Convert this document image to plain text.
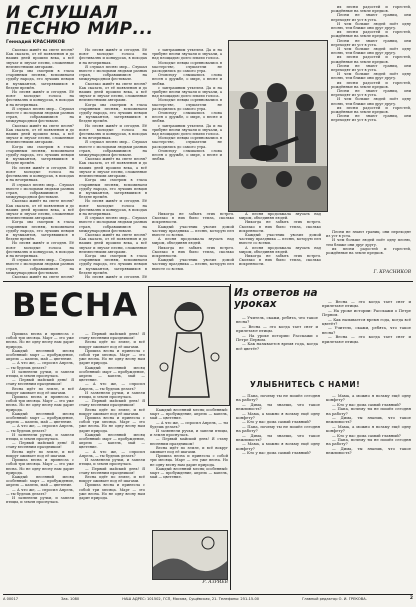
И СЛУШАЛ
ПЕСНЮ МИР...
Геннадий КРАСНИКОВ

Сколько живёт на свете песня? Как сказать, от её появления и до наших дней прошли века, а всё звучат и звучат песни, сложенные неизвестными авторами.

Когда мы смотрим в глаза старинным песням, вспоминаем судьбу народа, его лучших певцов и музыкантов, затерявшихся в бездне времён.

Но песня живёт и сегодня. Её поют молодые голоса на фестивалях и конкурсах, в походах и на вечеринках.

Я слушал песню мир... Слушал вместе с молодыми людьми разных стран, собравшимися на международном фестивале.

Сколько живёт на свете песня? Как сказать, от её появления и до наших дней прошли века, а всё звучат и звучат песни, сложенные неизвестными авторами.

Когда мы смотрим в глаза старинным песням, вспоминаем судьбу народа, его лучших певцов и музыкантов, затерявшихся в бездне времён.

Но песня живёт и сегодня. Её поют молодые голоса на фестивалях и конкурсах, в походах и на вечеринках.

Я слушал песню мир... Слушал вместе с молодыми людьми разных стран, собравшимися на международном фестивале.

Сколько живёт на свете песня? Как сказать, от её появления и до наших дней прошли века, а всё звучат и звучат песни, сложенные неизвестными авторами.

Когда мы смотрим в глаза старинным песням, вспоминаем судьбу народа, его лучших певцов и музыкантов, затерявшихся в бездне времён.

Но песня живёт и сегодня. Её поют молодые голоса на фестивалях и конкурсах, в походах и на вечеринках.

Я слушал песню мир... Слушал вместе с молодыми людьми разных стран, собравшимися на международном фестивале.

Сколько живёт на свете песня?

Но песня живёт и сегодня. Её поют молодые голоса на фестивалях и конкурсах, в походах и на вечеринках.

Я слушал песню мир... Слушал вместе с молодыми людьми разных стран, собравшимися на международном фестивале.

Сколько живёт на свете песня? Как сказать, от её появления и до наших дней прошли века, а всё звучат и звучат песни, сложенные неизвестными авторами.

Когда мы смотрим в глаза старинным песням, вспоминаем судьбу народа, его лучших певцов и музыкантов, затерявшихся в бездне времён.

Но песня живёт и сегодня. Её поют молодые голоса на фестивалях и конкурсах, в походах и на вечеринках.

Я слушал песню мир... Слушал вместе с молодыми людьми разных стран, собравшимися на международном фестивале.

Сколько живёт на свете песня? Как сказать, от её появления и до наших дней прошли века, а всё звучат и звучат песни, сложенные неизвестными авторами.

Когда мы смотрим в глаза старинным песням, вспоминаем судьбу народа, его лучших певцов и музыкантов, затерявшихся в бездне времён.

Но песня живёт и сегодня. Её поют молодые голоса на фестивалях и конкурсах, в походах и на вечеринках.

Я слушал песню мир... Слушал вместе с молодыми людьми разных стран, собравшимися на международном фестивале.

Сколько живёт на свете песня? Как сказать, от её появления и до наших дней прошли века, а всё звучат и звучат песни, сложенные неизвестными авторами.

Когда мы смотрим в глаза старинным песням, вспоминаем судьбу народа, его лучших певцов и музыкантов, затерявшихся в бездне времён.

Но песня живёт и сегодня. Её

с завтрашним уткелем. Да и на трибуне песни звучали и звучали, а над площадью долго плыли голоса.

Молодые певцы соревновались в мастерстве, слушатели не расходились до самого утра.

Отовсюду слышались слова песен о дружбе, о мире, о весне и любви.

с завтрашним уткелем. Да и на трибуне песни звучали и звучали, а над площадью долго плыли голоса.

Молодые певцы соревновались в мастерстве, слушатели не расходились до самого утра.

Отовсюду слышались слова песен о дружбе, о мире, о весне и любви.

с завтрашним уткелем. Да и на трибуне песни звучали и звучали, а над площадью долго плыли голоса.

Молодые певцы соревновались в мастерстве, слушатели не расходились до самого утра.

Отовсюду слышались слова песен о дружбе, о мире, о весне и любви.

их песни радостей и горестей, рождённые на земле предков.

Песни не знают границ, они переходят из уст в уста.

И чем больше людей поёт одну песню, тем ближе они друг другу.

их песни радостей и горестей, рождённые на земле предков.

Песни не знают границ, они переходят из уст в уста.

И чем больше людей поёт одну песню, тем ближе они друг другу.

их песни радостей и горестей, рождённые на земле предков.

Песни не знают границ, они переходят из уст в уста.

И чем больше людей поёт одну песню, тем ближе они друг другу.

их песни радостей и горестей, рождённые на земле предков.

Песни не знают границ, они переходят из уст в уста.

И чем больше людей поёт одну песню, тем ближе они друг другу.

их песни радостей и горестей, рождённые на земле предков.

Песни не знают границ, они переходят из уст в уста.

Никогда не забыть этих встреч. Сколько в них было тепла, сколько искренности.

Каждый участник увозил домой частицу праздника — песню, которую пел вместе со всеми.

А песня продолжала звучать над миром, объединяя людей.

Никогда не забыть этих встреч. Сколько в них было тепла, сколько искренности.

Каждый участник увозил домой частицу праздника — песню, которую пел вместе со всеми.

А песня продолжала звучать над миром, объединяя людей.

Никогда не забыть этих встреч. Сколько в них было тепла, сколько искренности.

Каждый участник увозил домой частицу праздника — песню, которую пел вместе со всеми.

А песня продолжала звучать над миром, объединяя людей.

Никогда не забыть этих встреч. Сколько в них было тепла, сколько искренности.

Песни не знают границ, они переходят из уст в уста.

И чем больше людей поёт одну песню, тем ближе они друг другу.

их песни радостей и горестей, рождённые на земле предков.

Г. КРАСНИКОВ
ВЕСНА

Пришла весна и принесла с собой три месяца. Март — это уже весна. Но не одну весну нам дарит природа.

Каждый весенний месяц особенный: март — пробуждение, апрель — капель, май — цветение.

— А что же, — спросил Апрель, — ты будешь делать?

И зазвенели ручьи, и запели птицы, и земля проснулась.

— Первый майский день! Я стану весенним праздником!

Весна идёт по земле, и всё вокруг оживает под её шагами.

Пришла весна и принесла с собой три месяца. Март — это уже весна. Но не одну весну нам дарит природа.

Каждый весенний месяц особенный: март — пробуждение, апрель — капель, май — цветение.

— А что же, — спросил Апрель, — ты будешь делать?

И зазвенели ручьи, и запели птицы, и земля проснулась.

— Первый майский день! Я стану весенним праздником!

Весна идёт по земле, и всё вокруг оживает под её шагами.

Пришла весна и принесла с собой три месяца. Март — это уже весна. Но не одну весну нам дарит природа.

Каждый весенний месяц особенный: март — пробуждение, апрель — капель, май — цветение.

— А что же, — спросил Апрель, — ты будешь делать?

И зазвенели ручьи, и запели птицы, и земля проснулась.

— Первый майский день! Я стану весенним праздником!

Весна идёт по земле, и всё вокруг оживает под её шагами.

Пришла весна и принесла с собой три месяца. Март — это уже весна. Но не одну весну нам дарит природа.

Каждый весенний месяц особенный: март — пробуждение, апрель — капель, май — цветение.

— А что же, — спросил Апрель, — ты будешь делать?

И зазвенели ручьи, и запели птицы, и земля проснулась.

— Первый майский день! Я стану весенним праздником!

Весна идёт по земле, и всё вокруг оживает под её шагами.

Пришла весна и принесла с собой три месяца. Март — это уже весна. Но не одну весну нам дарит природа.

Каждый весенний месяц особенный: март — пробуждение, апрель — капель, май — цветение.

— А что же, — спросил Апрель, — ты будешь делать?

И зазвенели ручьи, и запели птицы, и земля проснулась.

— Первый майский день! Я стану весенним праздником!

Весна идёт по земле, и всё вокруг оживает под её шагами.

Пришла весна и принесла с собой три месяца. Март — это уже весна. Но не одну весну нам дарит природа.

Каждый весенний месяц особенный: март — пробуждение, апрель — капель, май — цветение.

— А что же, — спросил Апрель, — ты будешь делать?

И зазвенели ручьи, и запели птицы, и земля проснулась.

— Первый майский день! Я стану весенним праздником!

Весна идёт по земле, и всё вокруг оживает под её шагами.

Пришла весна и принесла с собой три месяца. Март — это уже весна. Но не одну весну нам дарит природа.

Каждый весенний месяц особенный: март — пробуждение, апрель — капель, май — цветение.

Р. АЗРИЕВ
Из ответов на уроках

— Учитель, скажи, ребята, что такое весна?

— Весна — это когда тает снег и прилетают птицы.

— На уроке истории: Расскажи о Петре Первом.

— Как называется время года, когда всё цветёт?

— Весна — это когда тает снег и прилетают птицы.

— На уроке истории: Расскажи о Петре Первом.

— Как называется время года, когда всё цветёт?

— Учитель, скажи, ребята, что такое весна?

— Весна — это когда тает снег и прилетают птицы.

УЛЫБНИТЕСЬ С НАМИ!

— Папа, почему ты не пошёл сегодня на работу?

— Дима, ты знаешь, что такое вежливость?

— Мама, а можно я возьму ещё одну конфету?

— Кто у вас дома самый главный?

— Папа, почему ты не пошёл сегодня на работу?

— Дима, ты знаешь, что такое вежливость?

— Мама, а можно я возьму ещё одну конфету?

— Кто у вас дома самый главный?

— Мама, а можно я возьму ещё одну конфету?

— Кто у вас дома самый главный?

— Папа, почему ты не пошёл сегодня на работу?

— Дима, ты знаешь, что такое вежливость?

— Мама, а можно я возьму ещё одну конфету?

— Кто у вас дома самый главный?

— Папа, почему ты не пошёл сегодня на работу?

— Дима, ты знаешь, что такое вежливость?

А 00017	Зак. 1080	НАШ АДРЕС: 101502, ГСП, Москва, Сущёвская, 21. Телефоны: 251-15-00	Главный редактор О. И. ГРЕКОВА.	2
